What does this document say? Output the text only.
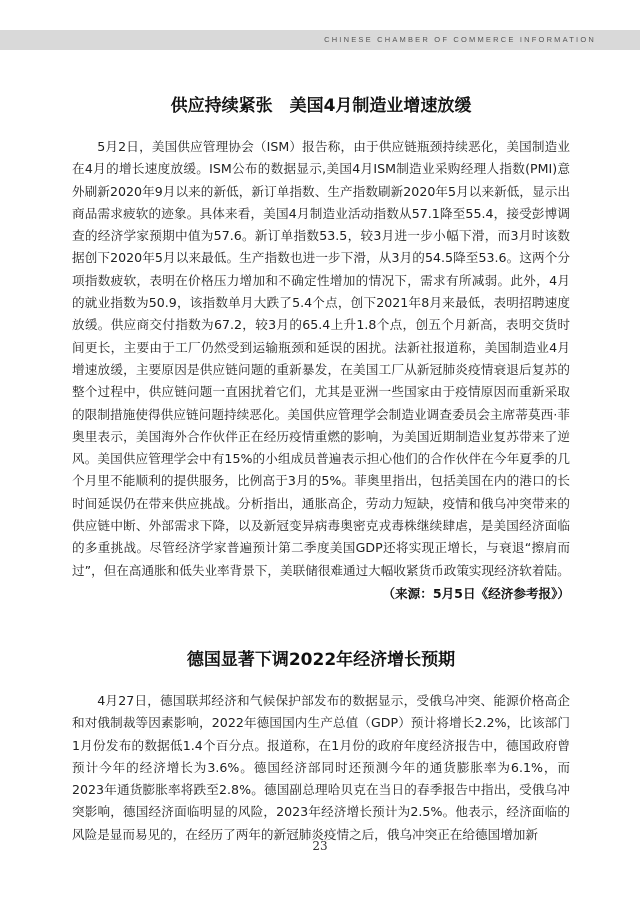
CHINESE CHAMBER OF COMMERCE INFORMATION
供应持续紧张　美国4月制造业增速放缓

5月2日，美国供应管理协会（ISM）报告称，由于供应链瓶颈持续恶化，美国制造业在4月的增长速度放缓。ISM公布的数据显示,美国4月ISM制造业采购经理人指数(PMI)意外刷新2020年9月以来的新低，新订单指数、生产指数刷新2020年5月以来新低，显示出商品需求疲软的迹象。具体来看，美国4月制造业活动指数从57.1降至55.4，接受彭博调查的经济学家预期中值为57.6。新订单指数53.5，较3月进一步小幅下滑，而3月时该数据创下2020年5月以来最低。生产指数也进一步下滑，从3月的54.5降至53.6。这两个分项指数疲软，表明在价格压力增加和不确定性增加的情况下，需求有所减弱。此外，4月的就业指数为50.9，该指数单月大跌了5.4个点，创下2021年8月来最低，表明招聘速度放缓。供应商交付指数为67.2，较3月的65.4上升1.8个点，创五个月新高，表明交货时间更长，主要由于工厂仍然受到运输瓶颈和延误的困扰。法新社报道称，美国制造业4月增速放缓，主要原因是供应链问题的重新暴发，在美国工厂从新冠肺炎疫情衰退后复苏的整个过程中，供应链问题一直困扰着它们，尤其是亚洲一些国家由于疫情原因而重新采取的限制措施使得供应链问题持续恶化。美国供应管理学会制造业调查委员会主席蒂莫西·菲奥里表示，美国海外合作伙伴正在经历疫情重燃的影响，为美国近期制造业复苏带来了逆风。美国供应管理学会中有15%的小组成员普遍表示担心他们的合作伙伴在今年夏季的几个月里不能顺利的提供服务，比例高于3月的5%。菲奥里指出，包括美国在内的港口的长时间延误仍在带来供应挑战。分析指出，通胀高企，劳动力短缺，疫情和俄乌冲突带来的供应链中断、外部需求下降，以及新冠变异病毒奥密克戎毒株继续肆虐，是美国经济面临的多重挑战。尽管经济学家普遍预计第二季度美国GDP还将实现正增长，与衰退“擦肩而过”，但在高通胀和低失业率背景下，美联储很难通过大幅收紧货币政策实现经济软着陆。

（来源：5月5日《经济参考报》）
德国显著下调2022年经济增长预期

4月27日，德国联邦经济和气候保护部发布的数据显示，受俄乌冲突、能源价格高企和对俄制裁等因素影响，2022年德国国内生产总值（GDP）预计将增长2.2%，比该部门1月份发布的数据低1.4个百分点。报道称，在1月份的政府年度经济报告中，德国政府曾预计今年的经济增长为3.6%。德国经济部同时还预测今年的通货膨胀率为6.1%，而2023年通货膨胀率将跌至2.8%。德国副总理哈贝克在当日的春季报告中指出，受俄乌冲突影响，德国经济面临明显的风险，2023年经济增长预计为2.5%。他表示，经济面临的风险是显而易见的，在经历了两年的新冠肺炎疫情之后，俄乌冲突正在给德国增加新

23
